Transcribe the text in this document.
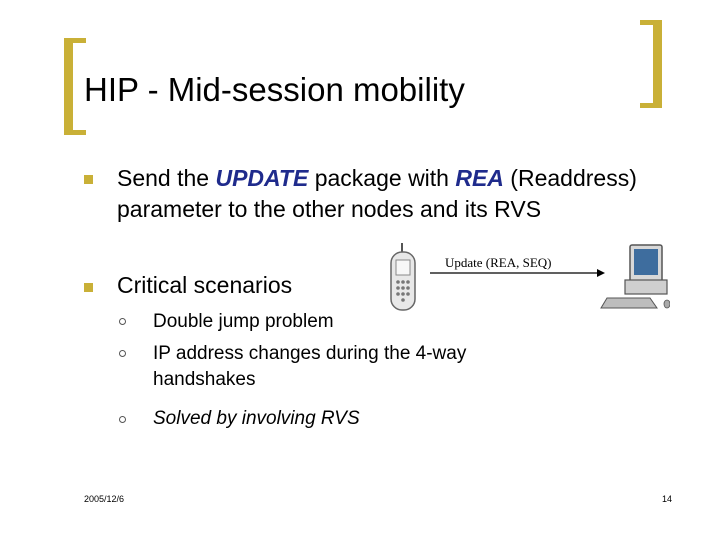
HIP - Mid-session mobility
Send the UPDATE package with REA (Readdress) parameter to the other nodes and its RVS
Critical scenarios
Double jump problem
IP address changes during the 4-way handshakes
Solved by involving RVS
Update (REA, SEQ)
2005/12/6	14
